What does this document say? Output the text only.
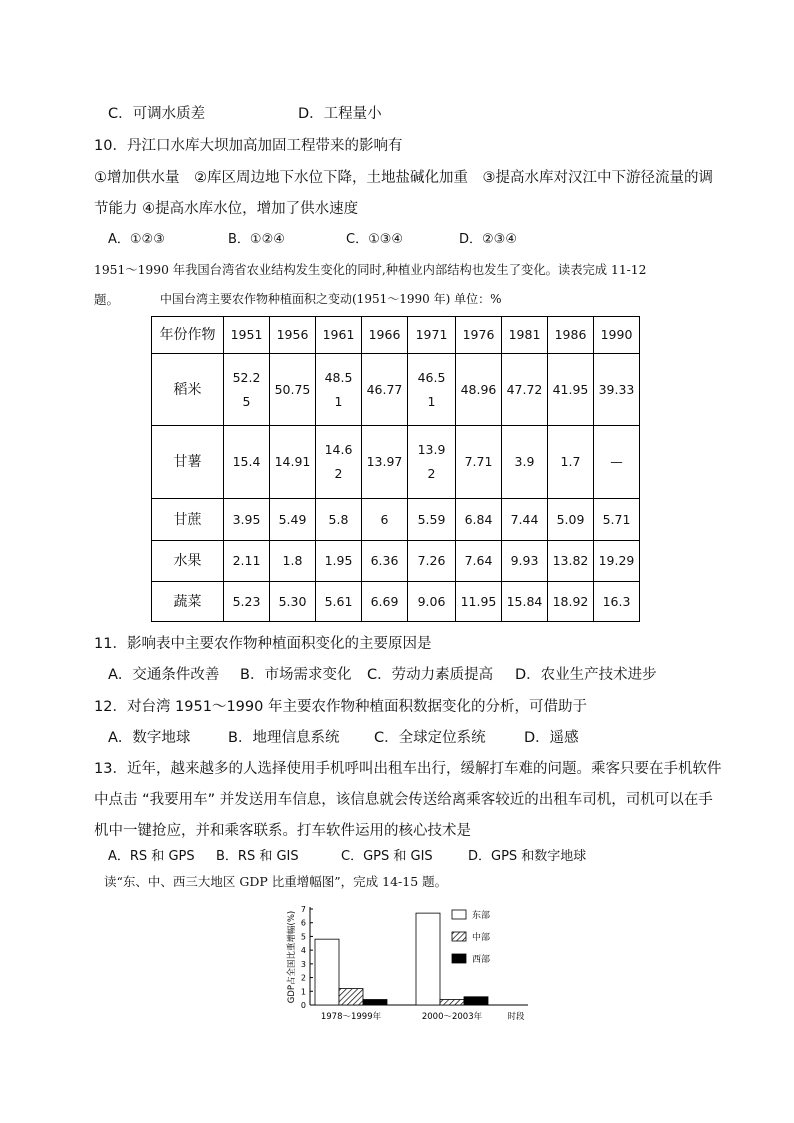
C．可调水质差	D．工程量小
10．丹江口水库大坝加高加固工程带来的影响有
①增加供水量　②库区周边地下水位下降，土地盐碱化加重　③提高水库对汉江中下游径流量的调
节能力 ④提高水库水位，增加了供水速度
A．①②③	B．①②④	C．①③④	D．②③④
1951～1990 年我国台湾省农业结构发生变化的同时,种植业内部结构也发生了变化。读表完成 11-12
题。	中国台湾主要农作物种植面积之变动(1951～1990 年) 单位：%
年份作物	1951	1956	1961	1966	1971	1976	1981	1986	1990
稻米	52.25	50.75	48.51	46.77	46.51	48.96	47.72	41.95	39.33
甘薯	15.4	14.91	14.62	13.97	13.92	7.71	3.9	1.7	—
甘蔗	3.95	5.49	5.8	6	5.59	6.84	7.44	5.09	5.71
水果	2.11	1.8	1.95	6.36	7.26	7.64	9.93	13.82	19.29
蔬菜	5.23	5.30	5.61	6.69	9.06	11.95	15.84	18.92	16.3
11．影响表中主要农作物种植面积变化的主要原因是
A．交通条件改善 B．市场需求变化 C．劳动力素质提高 D．农业生产技术进步
12．对台湾 1951～1990 年主要农作物种植面积数据变化的分析，可借助于
A．数字地球	B．地理信息系统 C．全球定位系统	D．遥感
13．近年，越来越多的人选择使用手机呼叫出租车出行，缓解打车难的问题。乘客只要在手机软件
中点击 “我要用车” 并发送用车信息，该信息就会传送给离乘客较近的出租车司机，司机可以在手
机中一键抢应，并和乘客联系。打车软件运用的核心技术是
A．RS 和 GPS B．RS 和 GIS	C．GPS 和 GIS	D．GPS 和数字地球
读“东、中、西三大地区 GDP 比重增幅图”，完成 14-15 题。
0
1
2
3
4
5
6
7
GDP占全国比重增幅(%)
1978～1999年	2000～2003年	时段
东部
中部
西部
